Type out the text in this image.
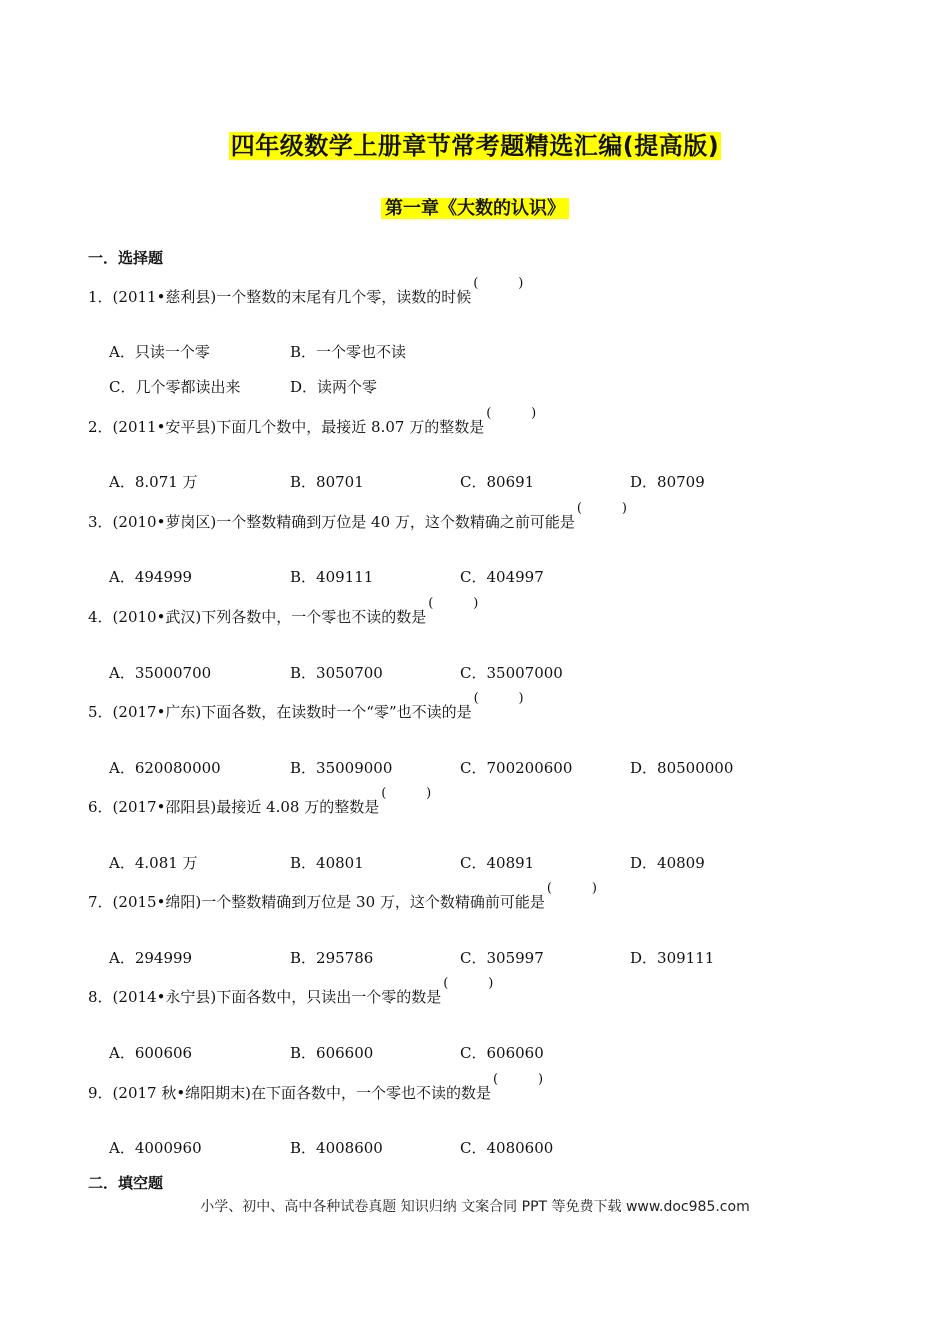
四年级数学上册章节常考题精选汇编(提高版)
第一章《大数的认识》
一．选择题
1．(2011•慈利县)一个整数的末尾有几个零，读数的时候( )
A．只读一个零	B．一个零也不读
C．几个零都读出来	D．读两个零
2．(2011•安平县)下面几个数中，最接近 8.07 万的整数是( )
A．8.071 万	B．80701	C．80691	D．80709
3．(2010•萝岗区)一个整数精确到万位是 40 万，这个数精确之前可能是( )
A．494999	B．409111	C．404997
4．(2010•武汉)下列各数中，一个零也不读的数是( )
A．35000700	B．3050700	C．35007000
5．(2017•广东)下面各数，在读数时一个“零”也不读的是( )
A．620080000	B．35009000	C．700200600	D．80500000
6．(2017•邵阳县)最接近 4.08 万的整数是( )
A．4.081 万	B．40801	C．40891	D．40809
7．(2015•绵阳)一个整数精确到万位是 30 万，这个数精确前可能是( )
A．294999	B．295786	C．305997	D．309111
8．(2014•永宁县)下面各数中，只读出一个零的数是( )
A．600606	B．606600	C．606060
9．(2017 秋•绵阳期末)在下面各数中，一个零也不读的数是( )
A．4000960	B．4008600	C．4080600
二．填空题
小学、初中、高中各种试卷真题 知识归纳 文案合同 PPT 等免费下载 www.doc985.com
